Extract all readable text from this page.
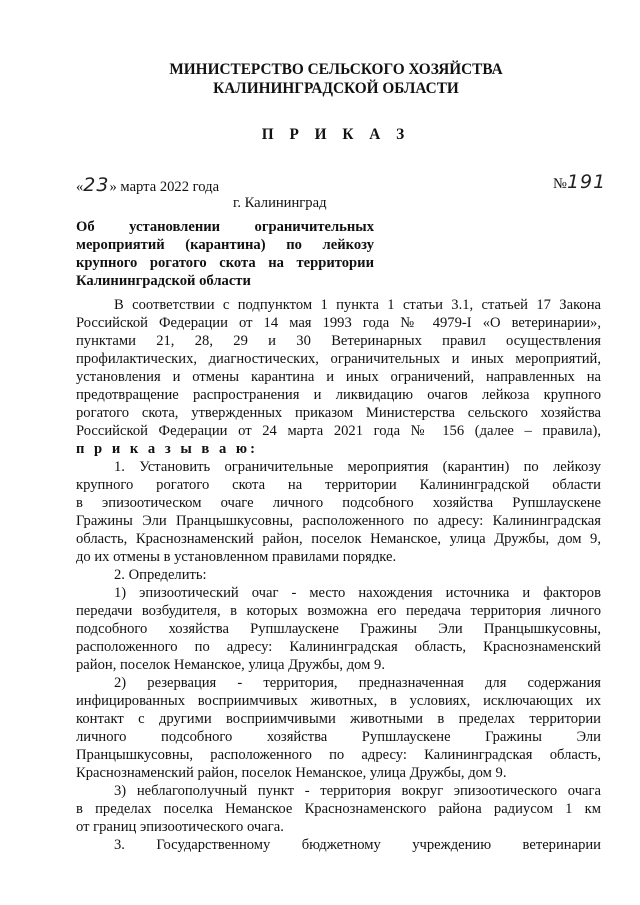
МИНИСТЕРСТВО СЕЛЬСКОГО ХОЗЯЙСТВА
КАЛИНИНГРАДСКОЙ ОБЛАСТИ
П Р И К А З
«23» марта 2022 года	№191
г. Калининград
Об установлении ограничительных
мероприятий (карантина) по лейкозу
крупного рогатого скота на территории
Калининградской области
В соответствии с подпунктом 1 пункта 1 статьи 3.1, статьей 17 Закона
Российской Федерации от 14 мая 1993 года № 4979-I «О ветеринарии»,
пунктами 21, 28, 29 и 30 Ветеринарных правил осуществления
профилактических, диагностических, ограничительных и иных мероприятий,
установления и отмены карантина и иных ограничений, направленных на
предотвращение распространения и ликвидацию очагов лейкоза крупного
рогатого скота, утвержденных приказом Министерства сельского хозяйства
Российской Федерации от 24 марта 2021 года № 156 (далее – правила),
п р и к а з ы в а ю:
1. Установить ограничительные мероприятия (карантин) по лейкозу
крупного рогатого скота на территории Калининградской области
в эпизоотическом очаге личного подсобного хозяйства Рупшлаускене
Гражины Эли Пранцышкусовны, расположенного по адресу: Калининградская
область, Краснознаменский район, поселок Неманское, улица Дружбы, дом 9,
до их отмены в установленном правилами порядке.
2. Определить:
1) эпизоотический очаг - место нахождения источника и факторов
передачи возбудителя, в которых возможна его передача территория личного
подсобного хозяйства Рупшлаускене Гражины Эли Пранцышкусовны,
расположенного по адресу: Калининградская область, Краснознаменский
район, поселок Неманское, улица Дружбы, дом 9.
2) резервация - территория, предназначенная для содержания
инфицированных восприимчивых животных, в условиях, исключающих их
контакт с другими восприимчивыми животными в пределах территории
личного подсобного хозяйства Рупшлаускене Гражины Эли
Пранцышкусовны, расположенного по адресу: Калининградская область,
Краснознаменский район, поселок Неманское, улица Дружбы, дом 9.
3) неблагополучный пункт - территория вокруг эпизоотического очага
в пределах поселка Неманское Краснознаменского района радиусом 1 км
от границ эпизоотического очага.
3. Государственному бюджетному учреждению ветеринарии
